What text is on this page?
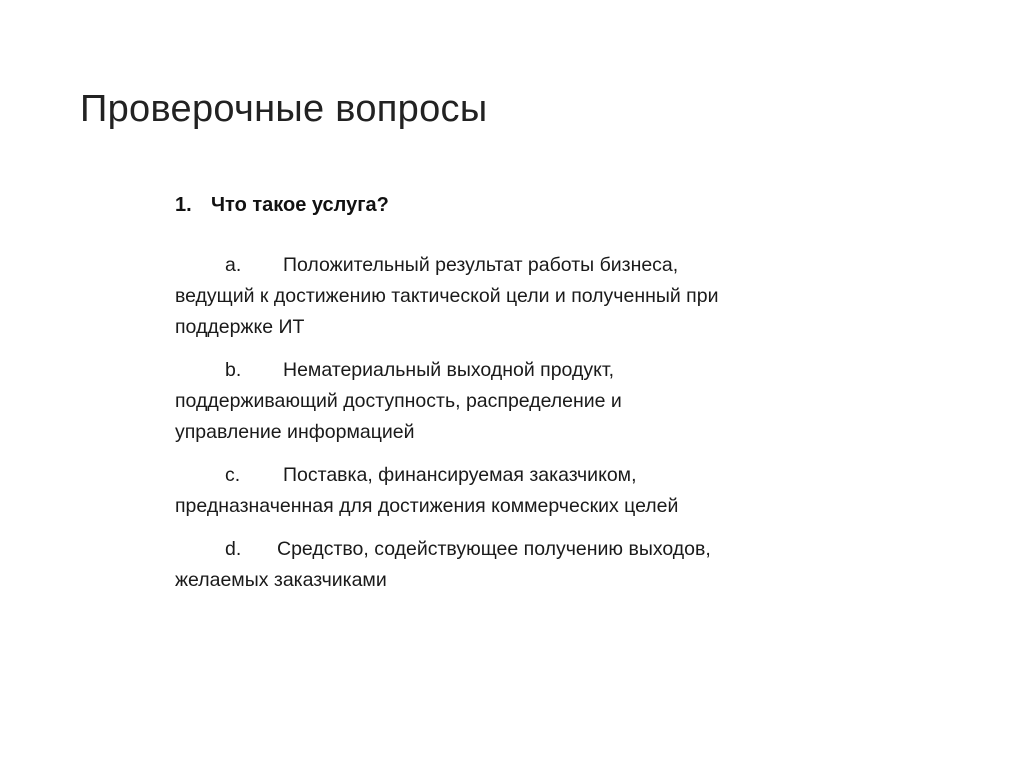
Проверочные вопросы
1. Что такое услуга?
a. Положительный результат работы бизнеса,
ведущий к достижению тактической цели и полученный при
поддержке ИТ
b. Нематериальный выходной продукт,
поддерживающий доступность, распределение и
управление информацией
c. Поставка, финансируемая заказчиком,
предназначенная для достижения коммерческих целей
d. Средство, содействующее получению выходов,
желаемых заказчиками
